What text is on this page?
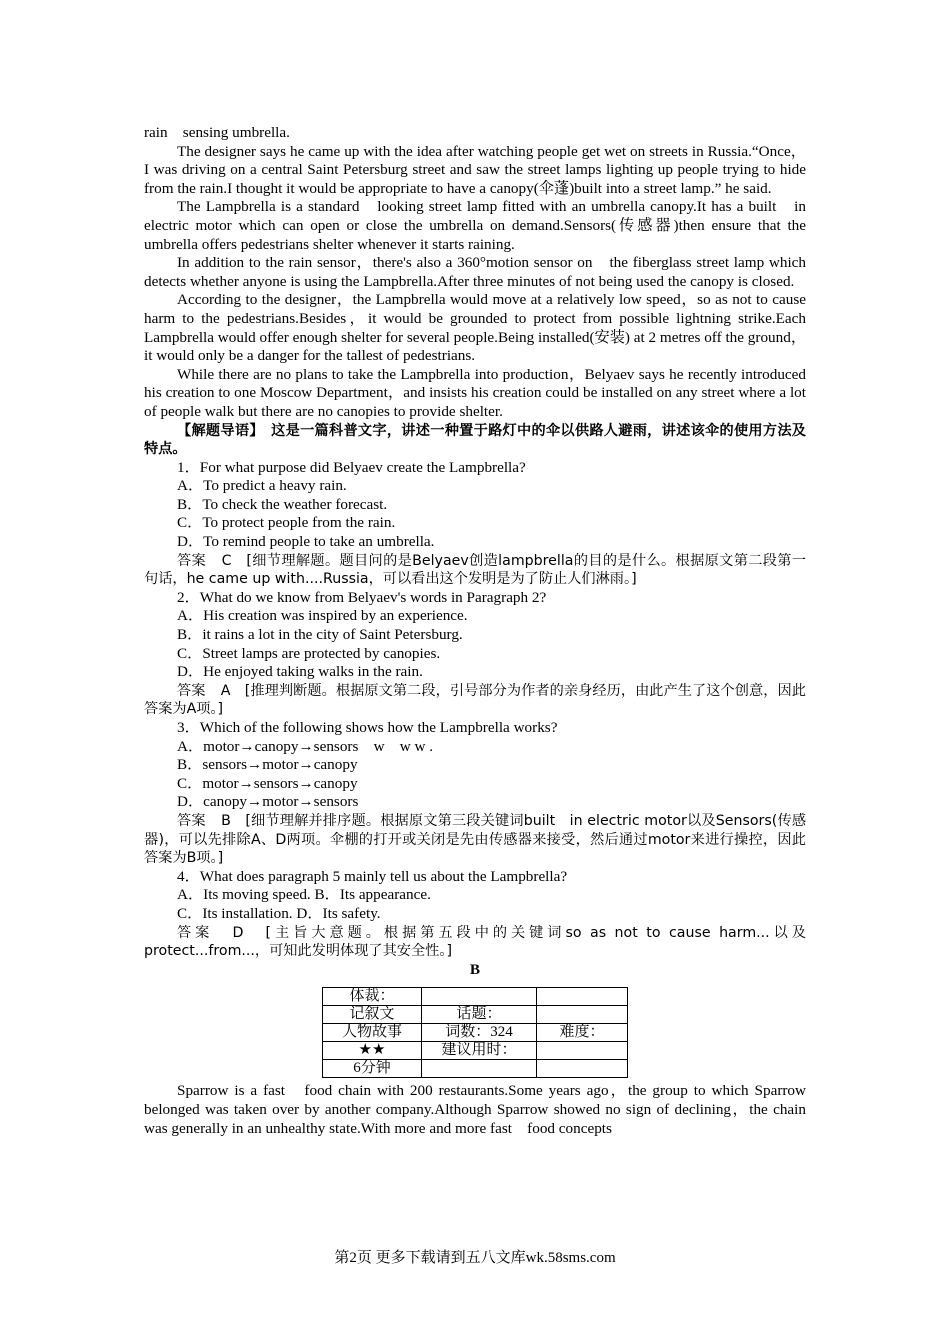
rain　sensing umbrella.

The designer says he came up with the idea after watching people get wet on streets in Russia.“Once，I was driving on a central Saint Petersburg street and saw the street lamps lighting up people trying to hide from the rain.I thought it would be appropriate to have a canopy(伞蓬)built into a street lamp.” he said.

The Lampbrella is a standard　looking street lamp fitted with an umbrella canopy.It has a built　in electric motor which can open or close the umbrella on demand.Sensors(传感器)then ensure that the umbrella offers pedestrians shelter whenever it starts raining.

In addition to the rain sensor，there's also a 360°motion sensor on　the fiberglass street lamp which detects whether anyone is using the Lampbrella.After three minutes of not being used the canopy is closed.

According to the designer，the Lampbrella would move at a relatively low speed，so as not to cause harm to the pedestrians.Besides，it would be grounded to protect from possible lightning strike.Each Lampbrella would offer enough shelter for several people.Being installed(安装) at 2 metres off the ground，it would only be a danger for the tallest of pedestrians.

While there are no plans to take the Lampbrella into production，Belyaev says he recently introduced his creation to one Moscow Department，and insists his creation could be installed on any street where a lot of people walk but there are no canopies to provide shelter.

【解题导语】　这是一篇科普文字，讲述一种置于路灯中的伞以供路人避雨，讲述该伞的使用方法及特点。

1．For what purpose did Belyaev create the Lampbrella?

A．To predict a heavy rain.

B．To check the weather forecast.

C．To protect people from the rain.

D．To remind people to take an umbrella.

答案　 C　[细节理解题。题目问的是Belyaev创造lampbrella的目的是什么。根据原文第二段第一句话，he came up with....Russia，可以看出这个发明是为了防止人们淋雨。]

2．What do we know from Belyaev's words in Paragraph 2?

A．His creation was inspired by an experience.

B．it rains a lot in the city of Saint Petersburg.

C．Street lamps are protected by canopies.

D．He enjoyed taking walks in the rain.

答案　 A　[推理判断题。根据原文第二段，引号部分为作者的亲身经历，由此产生了这个创意，因此答案为A项。]

3．Which of the following shows how the Lampbrella works?

A．motor→canopy→sensors　w　w w .

B．sensors→motor→canopy

C．motor→sensors→canopy

D．canopy→motor→sensors

答案　 B　[细节理解并排序题。根据原文第三段关键词built　in electric motor以及Sensors(传感器)，可以先排除A、D两项。伞棚的打开或关闭是先由传感器来接受，然后通过motor来进行操控，因此答案为B项。]

4．What does paragraph 5 mainly tell us about the Lampbrella?

A．Its moving speed. B．Its appearance.

C．Its installation. D．Its safety.

答案　 D　[主旨大意题。根据第五段中的关键词so as not to cause harm...以及protect...from...，可知此发明体现了其安全性。]

B

体裁：		
记叙文	话题：	
人物故事	词数：324	难度：
★★	建议用时：	
6分钟		

Sparrow is a fast　food chain with 200 restaurants.Some years ago，the group to which Sparrow belonged was taken over by another company.Although Sparrow showed no sign of declining，the chain was generally in an unhealthy state.With more and more fast　food concepts

第2页 更多下载请到五八文库wk.58sms.com
